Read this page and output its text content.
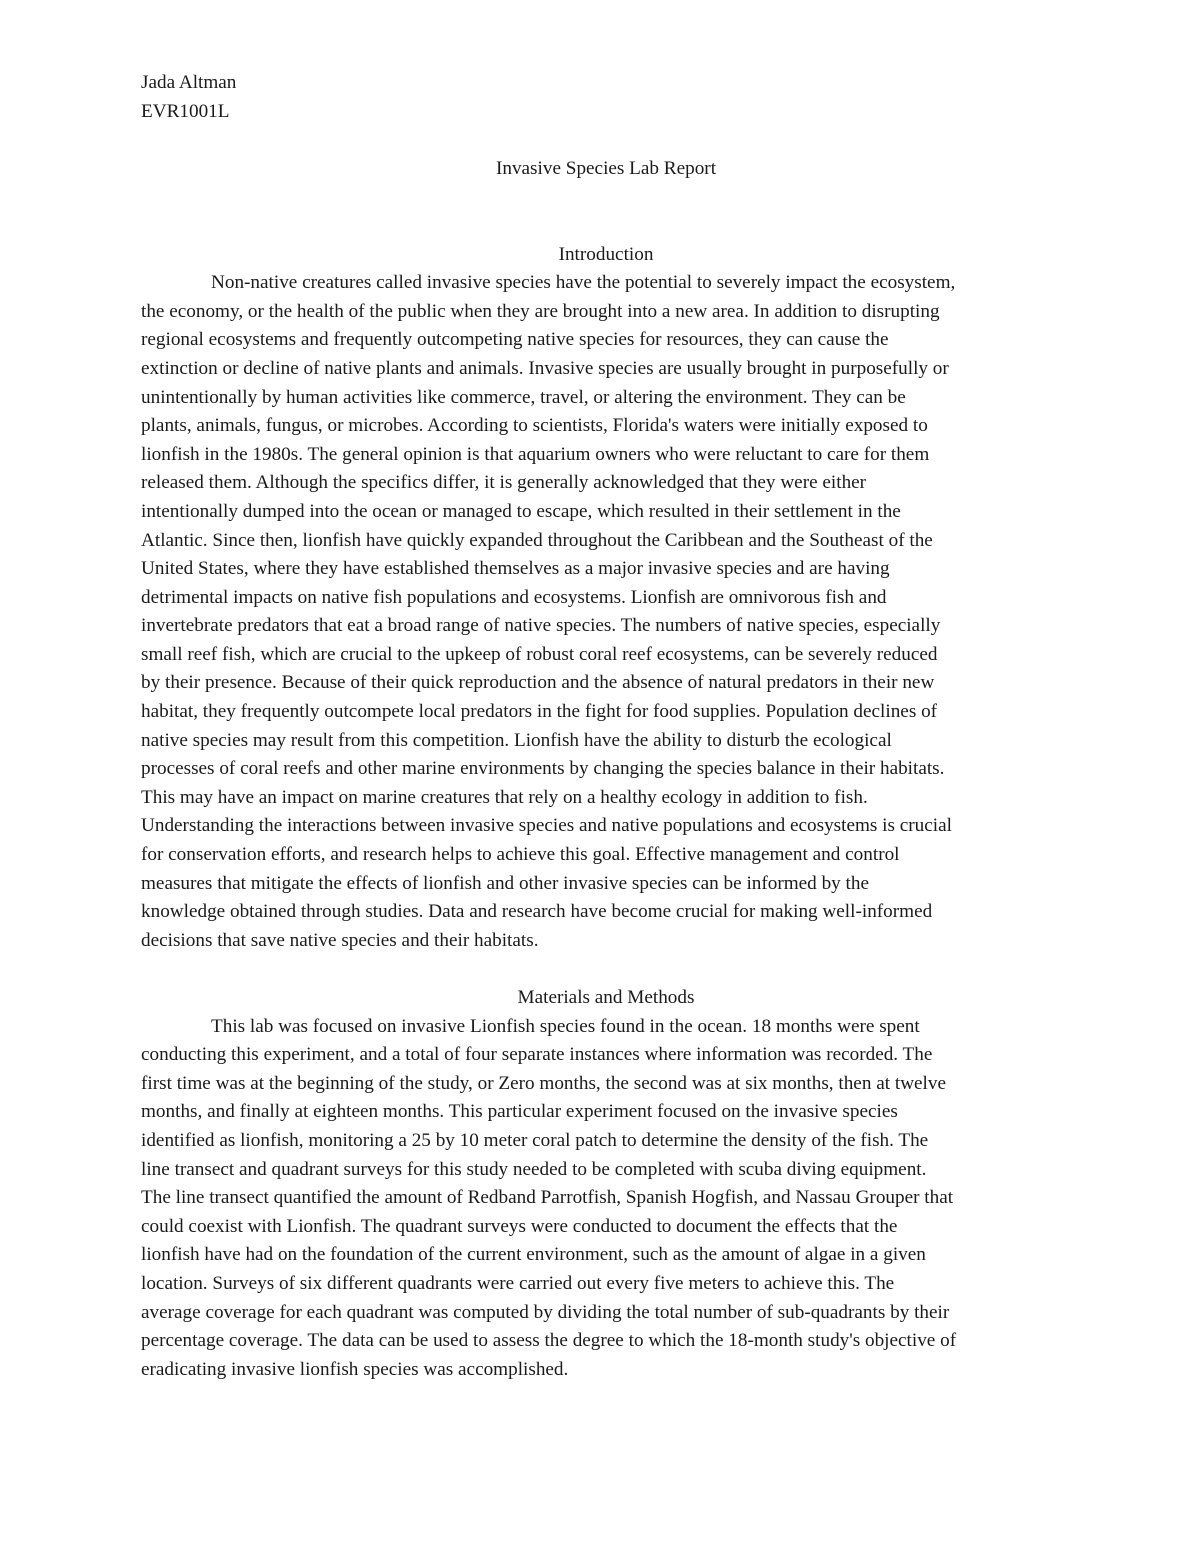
Jada Altman

EVR1001L

Invasive Species Lab Report

Introduction

Non-native creatures called invasive species have the potential to severely impact the ecosystem,

the economy, or the health of the public when they are brought into a new area. In addition to disrupting

regional ecosystems and frequently outcompeting native species for resources, they can cause the

extinction or decline of native plants and animals. Invasive species are usually brought in purposefully or

unintentionally by human activities like commerce, travel, or altering the environment. They can be

plants, animals, fungus, or microbes. According to scientists, Florida's waters were initially exposed to

lionfish in the 1980s. The general opinion is that aquarium owners who were reluctant to care for them

released them. Although the specifics differ, it is generally acknowledged that they were either

intentionally dumped into the ocean or managed to escape, which resulted in their settlement in the

Atlantic. Since then, lionfish have quickly expanded throughout the Caribbean and the Southeast of the

United States, where they have established themselves as a major invasive species and are having

detrimental impacts on native fish populations and ecosystems. Lionfish are omnivorous fish and

invertebrate predators that eat a broad range of native species. The numbers of native species, especially

small reef fish, which are crucial to the upkeep of robust coral reef ecosystems, can be severely reduced

by their presence. Because of their quick reproduction and the absence of natural predators in their new

habitat, they frequently outcompete local predators in the fight for food supplies. Population declines of

native species may result from this competition. Lionfish have the ability to disturb the ecological

processes of coral reefs and other marine environments by changing the species balance in their habitats.

This may have an impact on marine creatures that rely on a healthy ecology in addition to fish.

Understanding the interactions between invasive species and native populations and ecosystems is crucial

for conservation efforts, and research helps to achieve this goal. Effective management and control

measures that mitigate the effects of lionfish and other invasive species can be informed by the

knowledge obtained through studies. Data and research have become crucial for making well-informed

decisions that save native species and their habitats.

Materials and Methods

This lab was focused on invasive Lionfish species found in the ocean. 18 months were spent

conducting this experiment, and a total of four separate instances where information was recorded. The

first time was at the beginning of the study, or Zero months, the second was at six months, then at twelve

months, and finally at eighteen months. This particular experiment focused on the invasive species

identified as lionfish, monitoring a 25 by 10 meter coral patch to determine the density of the fish. The

line transect and quadrant surveys for this study needed to be completed with scuba diving equipment.

The line transect quantified the amount of Redband Parrotfish, Spanish Hogfish, and Nassau Grouper that

could coexist with Lionfish. The quadrant surveys were conducted to document the effects that the

lionfish have had on the foundation of the current environment, such as the amount of algae in a given

location. Surveys of six different quadrants were carried out every five meters to achieve this. The

average coverage for each quadrant was computed by dividing the total number of sub-quadrants by their

percentage coverage. The data can be used to assess the degree to which the 18-month study's objective of

eradicating invasive lionfish species was accomplished.
